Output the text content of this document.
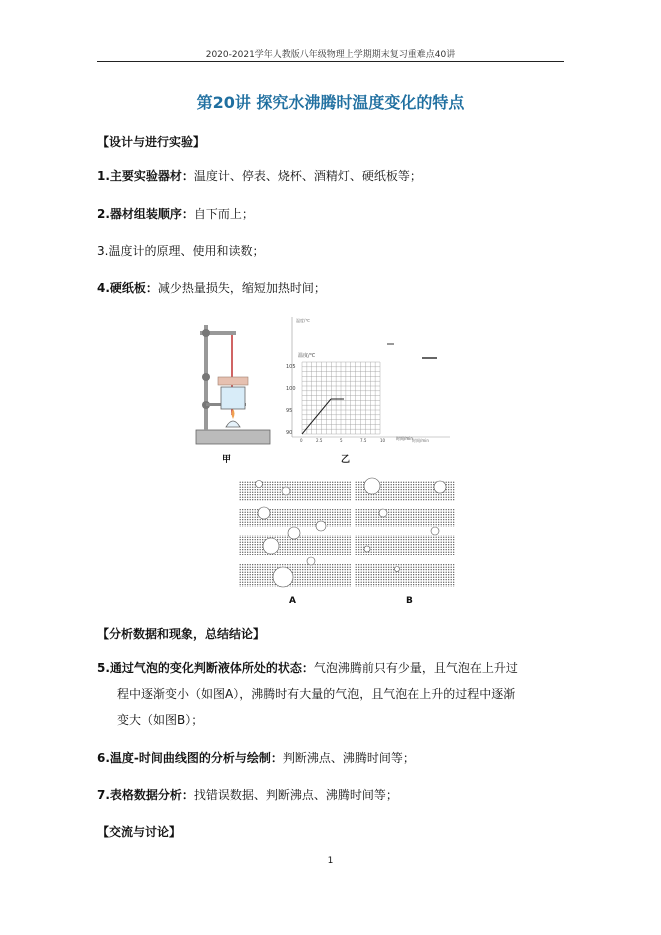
2020-2021学年人教版八年级物理上学期期末复习重难点40讲
第20讲 探究水沸腾时温度变化的特点
【设计与进行实验】
1.主要实验器材：温度计、停表、烧杯、酒精灯、硬纸板等；
2.器材组装顺序：自下而上；
3.温度计的原理、使用和读数；
4.硬纸板：减少热量损失，缩短加热时间；
甲
温度/℃
时间/min
温度/℃
105
100
95
90
0	2.5	5	7.5	10	时间/min
乙
A	B
【分析数据和现象，总结结论】
5.通过气泡的变化判断液体所处的状态：气泡沸腾前只有少量，且气泡在上升过
程中逐渐变小（如图A），沸腾时有大量的气泡，且气泡在上升的过程中逐渐
变大（如图B）；
6.温度-时间曲线图的分析与绘制：判断沸点、沸腾时间等；
7.表格数据分析：找错误数据、判断沸点、沸腾时间等；
【交流与讨论】
1
